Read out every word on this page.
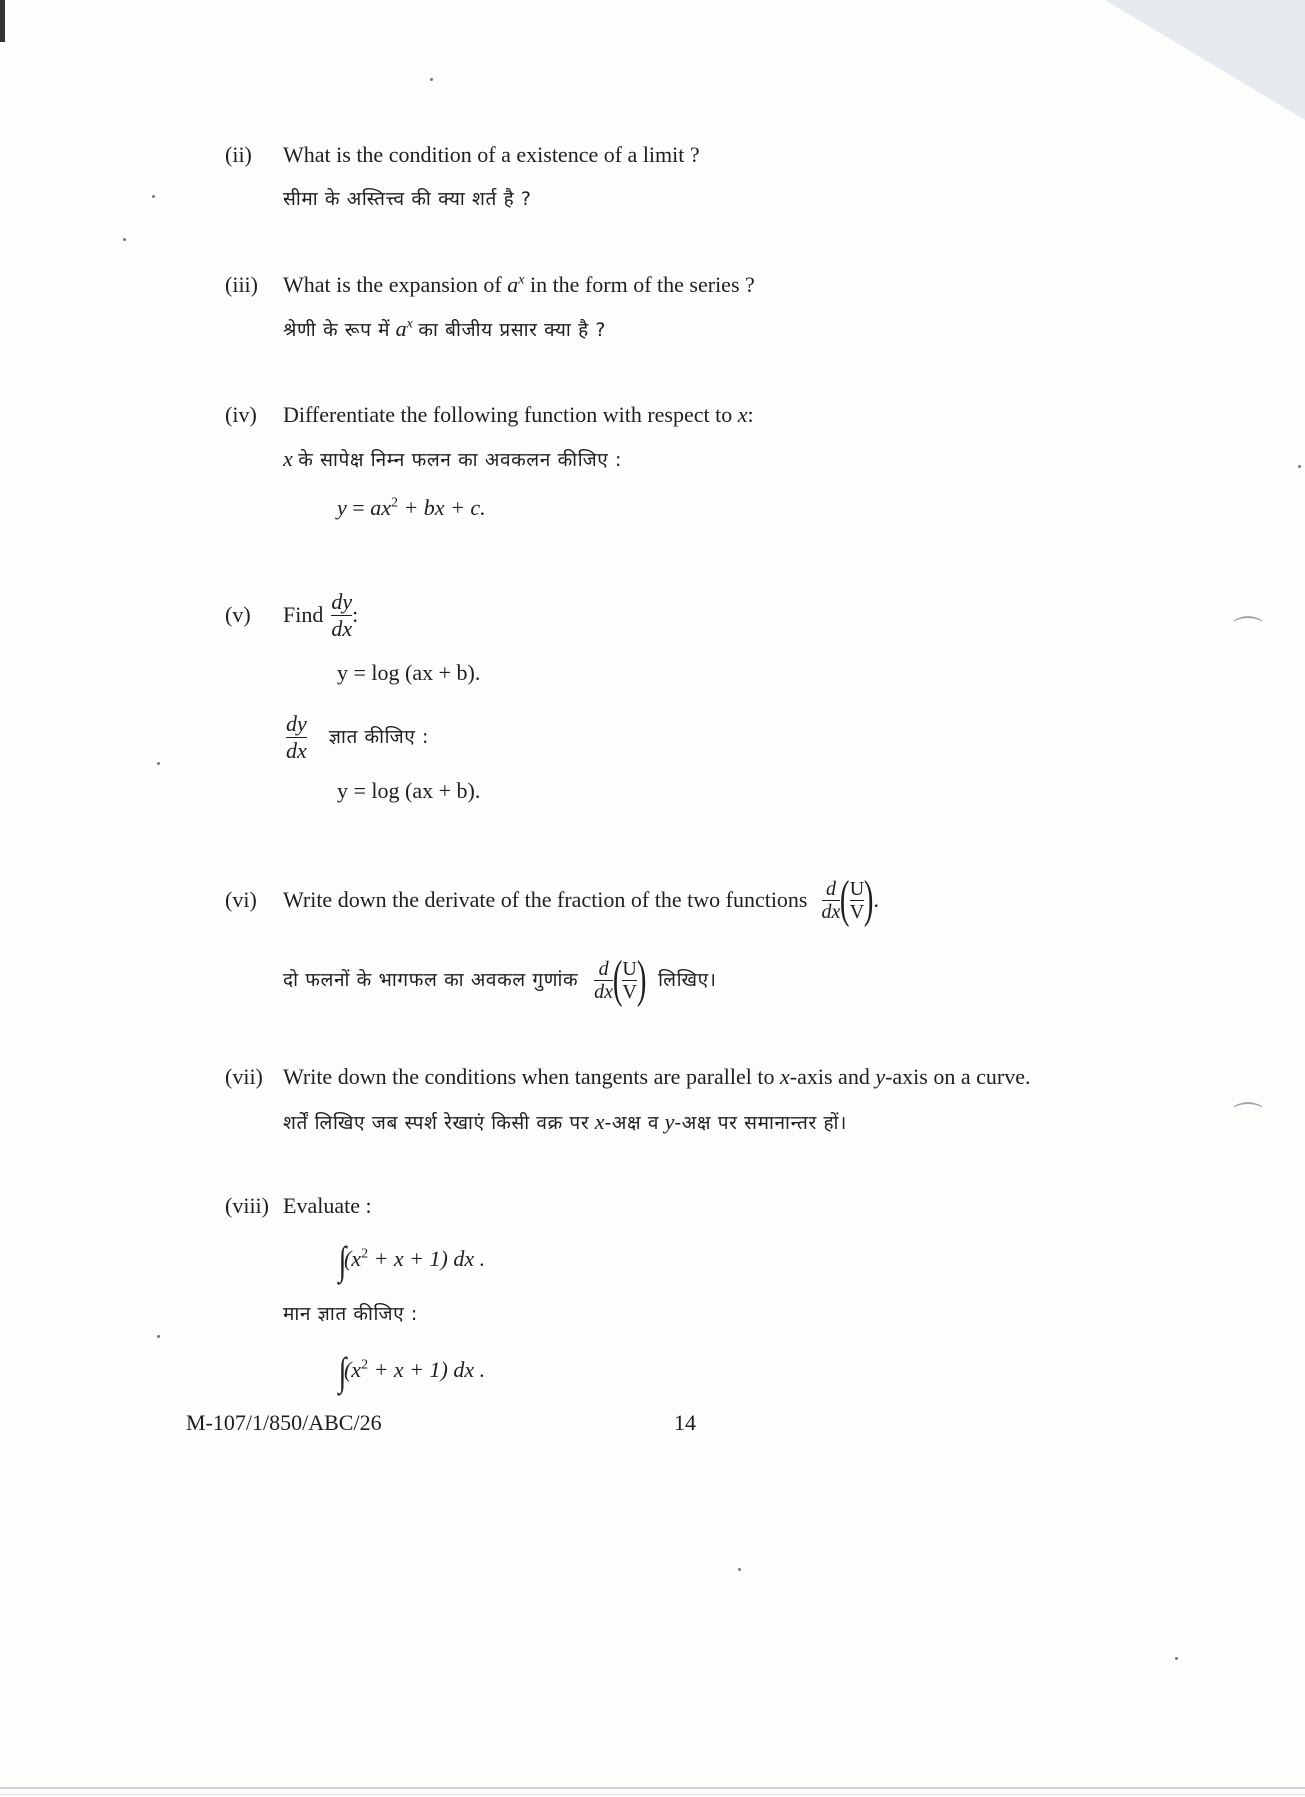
⌒
⌒
(ii) What is the condition of a existence of a limit ?
सीमा के अस्तित्त्व की क्या शर्त है ?
(iii) What is the expansion of $a^x$ in the form of the series ?
श्रेणी के रूप में $a^x$ का बीजीय प्रसार क्या है ?
(iv) Differentiate the following function with respect to x:
x के सापेक्ष निम्न फलन का अवकलन कीजिए :
$y = ax^2$ + bx + c.
(v) Find $\frac{dy}{dx}$ :
y = log (ax + b).
$\frac{dy}{dx}$ ज्ञात कीजिए :
y = log (ax + b).
(vi) Write down the derivate of the fraction of the two functions $\frac{d}{dx}$ ( $\frac{U}{V}$ ) .
दो फलनों के भागफल का अवकल गुणांक $\frac{d}{dx}$ ( $\frac{U}{V}$ ) लिखिए।
(vii) Write down the conditions when tangents are parallel to x-axis and y-axis on a curve.
शर्तें लिखिए जब स्पर्श रेखाएं किसी वक्र पर x-अक्ष व y-अक्ष पर समानान्तर हों।
(viii) Evaluate :
$\int(x^2 + x + 1)$ dx .
मान ज्ञात कीजिए :
$\int(x^2 + x + 1)$ dx .
M-107/1/850/ABC/26	14
